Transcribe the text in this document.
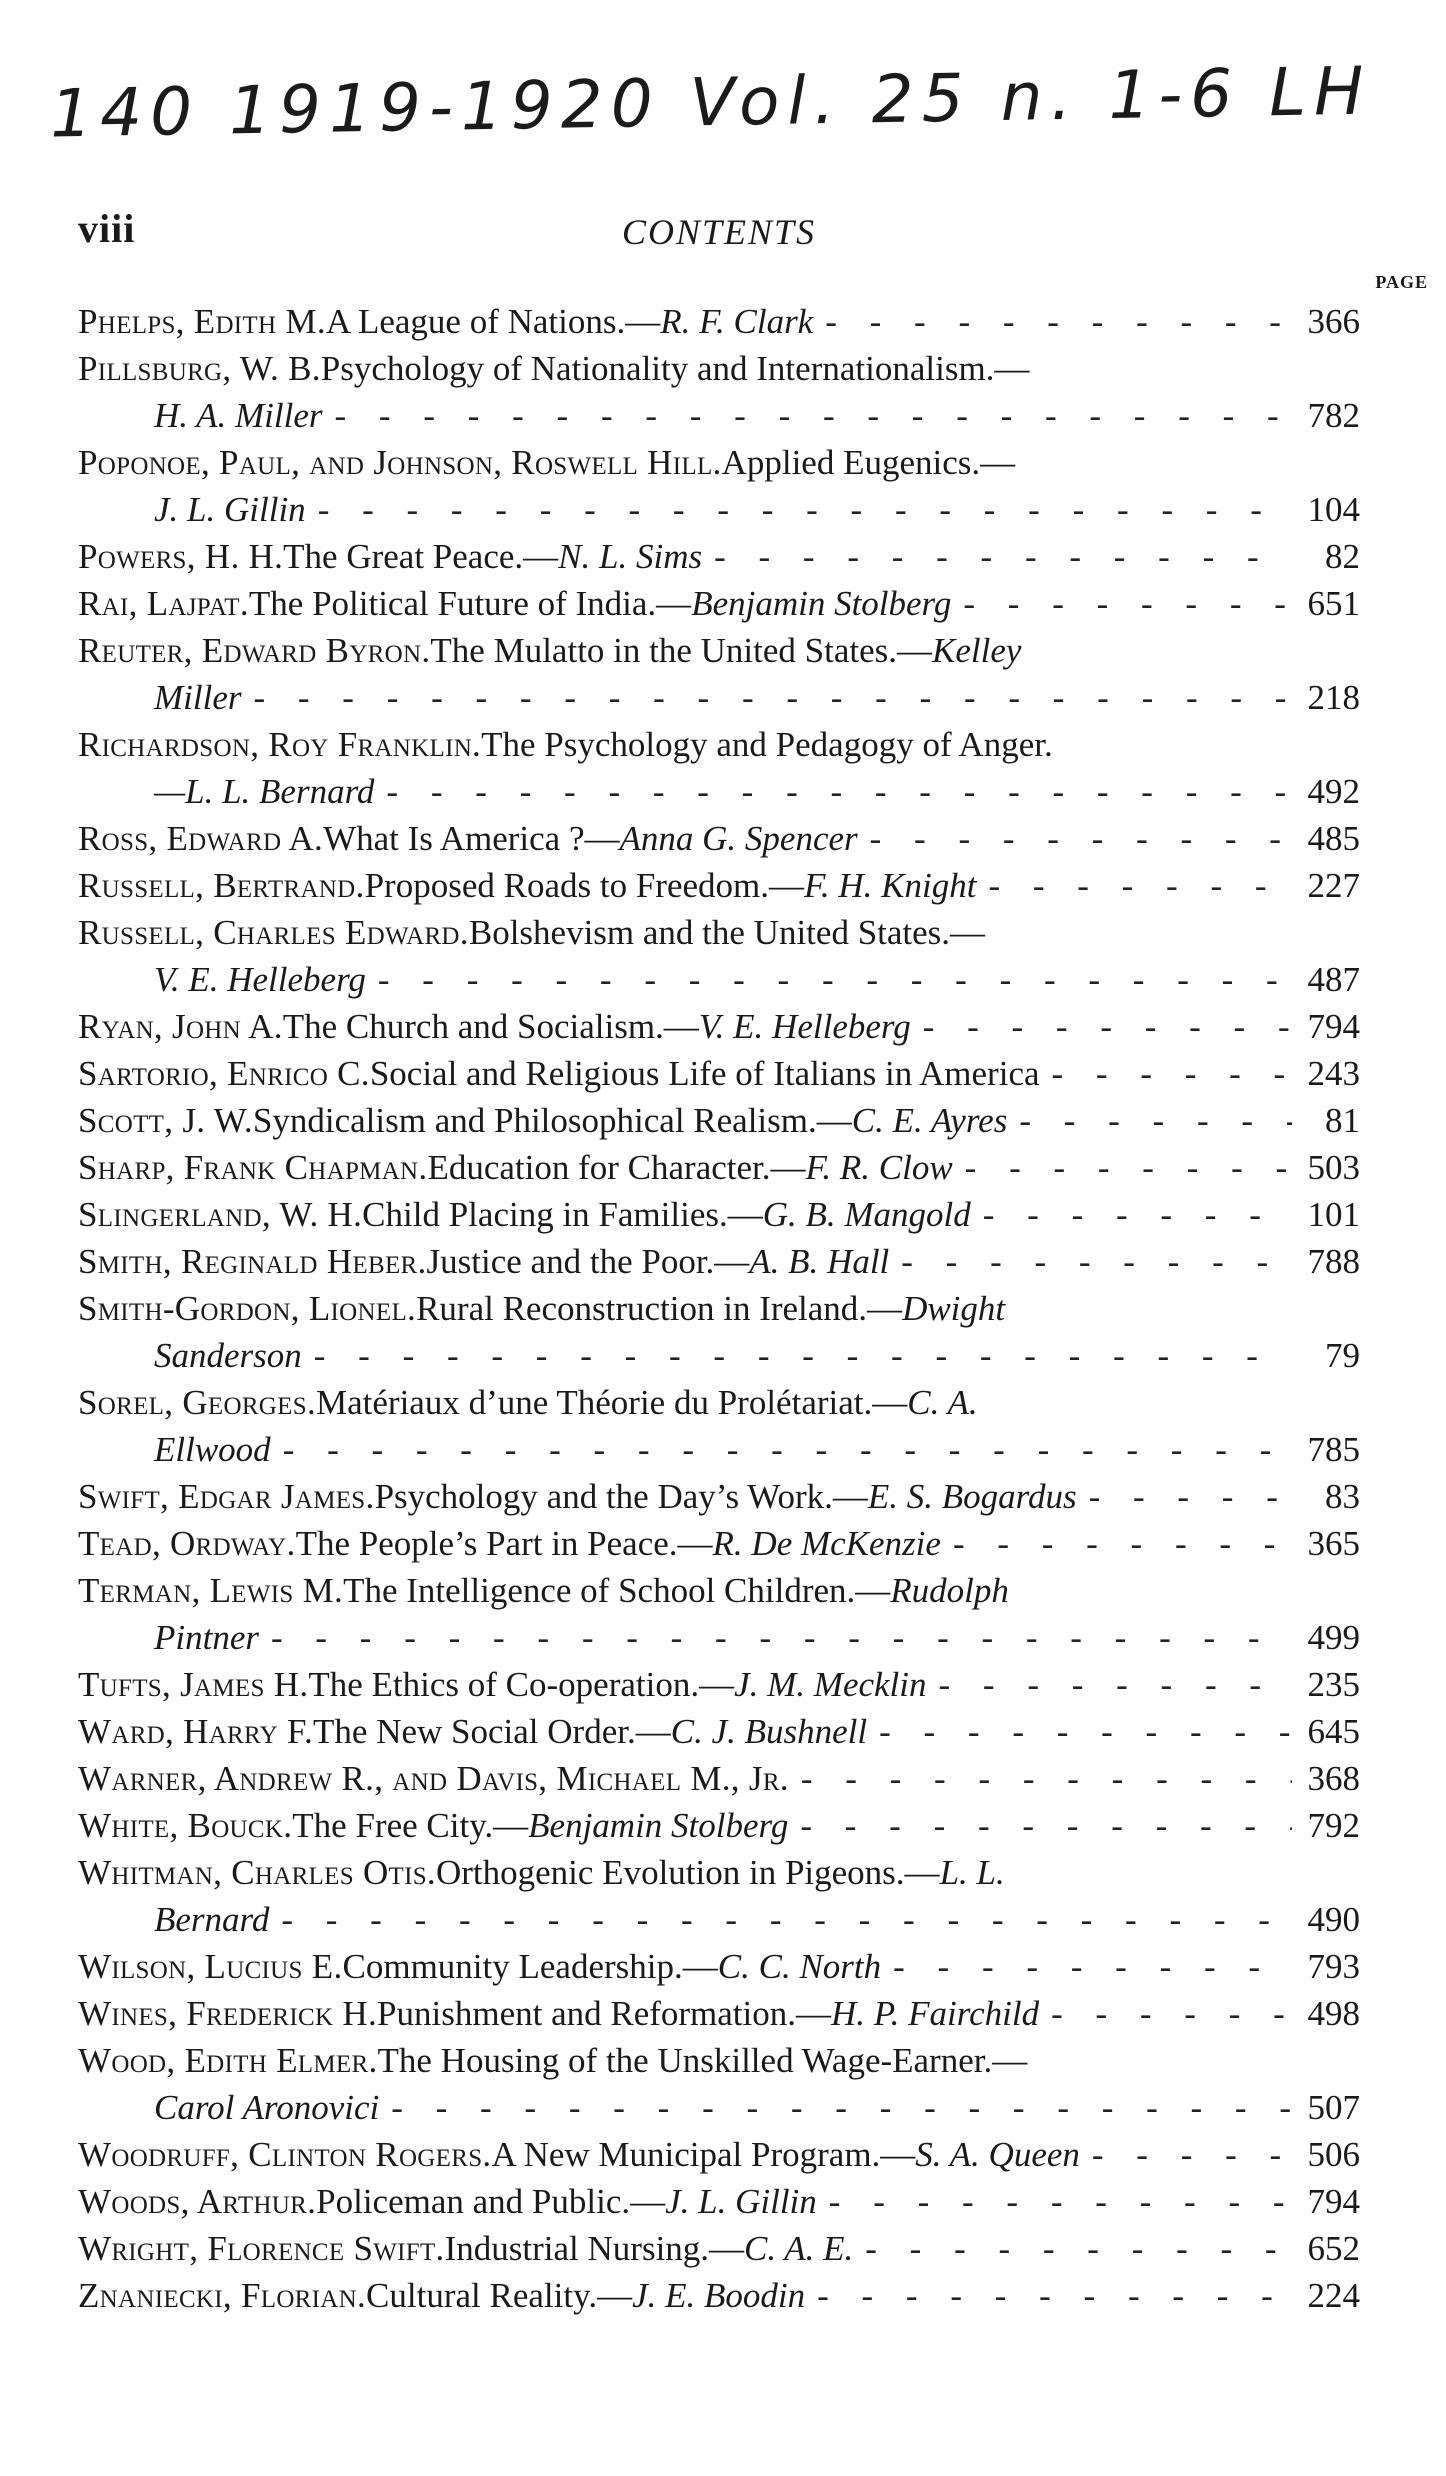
140 1919-1920 Vol. 25 n. 1-6 LH
viii	CONTENTS
PAGE
Phelps, Edith M. A League of Nations.— R. F. Clark - - -	366
Pillsburg, W. B. Psychology of Nationality and Internationalism.—
H. A. Miller - - -	782
Poponoe, Paul, and Johnson, Roswell Hill. Applied Eugenics.—
J. L. Gillin - - -	104
Powers, H. H. The Great Peace.— N. L. Sims - - -	82
Rai, Lajpat. The Political Future of India.— Benjamin Stolberg - - -	651
Reuter, Edward Byron. The Mulatto in the United States.— Kelley
Miller - - -	218
Richardson, Roy Franklin. The Psychology and Pedagogy of Anger.
—L. L. Bernard - - -	492
Ross, Edward A. What Is America ?— Anna G. Spencer - - -	485
Russell, Bertrand. Proposed Roads to Freedom.— F. H. Knight - - -	227
Russell, Charles Edward. Bolshevism and the United States.—
V. E. Helleberg - - -	487
Ryan, John A. The Church and Socialism.— V. E. Helleberg - - -	794
Sartorio, Enrico C. Social and Religious Life of Italians in America - - -	243
Scott, J. W. Syndicalism and Philosophical Realism.— C. E. Ayres - - -	81
Sharp, Frank Chapman. Education for Character.— F. R. Clow - - -	503
Slingerland, W. H. Child Placing in Families.— G. B. Mangold - - -	101
Smith, Reginald Heber. Justice and the Poor.— A. B. Hall - - -	788
Smith-Gordon, Lionel. Rural Reconstruction in Ireland.— Dwight
Sanderson - - -	79
Sorel, Georges. Matériaux d’une Théorie du Prolétariat.— C. A.
Ellwood - - -	785
Swift, Edgar James. Psychology and the Day’s Work.— E. S. Bogardus - - -	83
Tead, Ordway. The People’s Part in Peace.— R. De McKenzie - - -	365
Terman, Lewis M. The Intelligence of School Children.— Rudolph
Pintner - - -	499
Tufts, James H. The Ethics of Co-operation.— J. M. Mecklin - - -	235
Ward, Harry F. The New Social Order.— C. J. Bushnell - - -	645
Warner, Andrew R., and Davis, Michael M., Jr. - - -	368
White, Bouck. The Free City.— Benjamin Stolberg - - -	792
Whitman, Charles Otis. Orthogenic Evolution in Pigeons.— L. L.
Bernard - - -	490
Wilson, Lucius E. Community Leadership.— C. C. North - - -	793
Wines, Frederick H. Punishment and Reformation.— H. P. Fairchild - - -	498
Wood, Edith Elmer. The Housing of the Unskilled Wage-Earner.—
Carol Aronovici - - -	507
Woodruff, Clinton Rogers. A New Municipal Program.— S. A. Queen - - -	506
Woods, Arthur. Policeman and Public.— J. L. Gillin - - -	794
Wright, Florence Swift. Industrial Nursing.— C. A. E. - - -	652
Znaniecki, Florian. Cultural Reality.— J. E. Boodin - - -	224
